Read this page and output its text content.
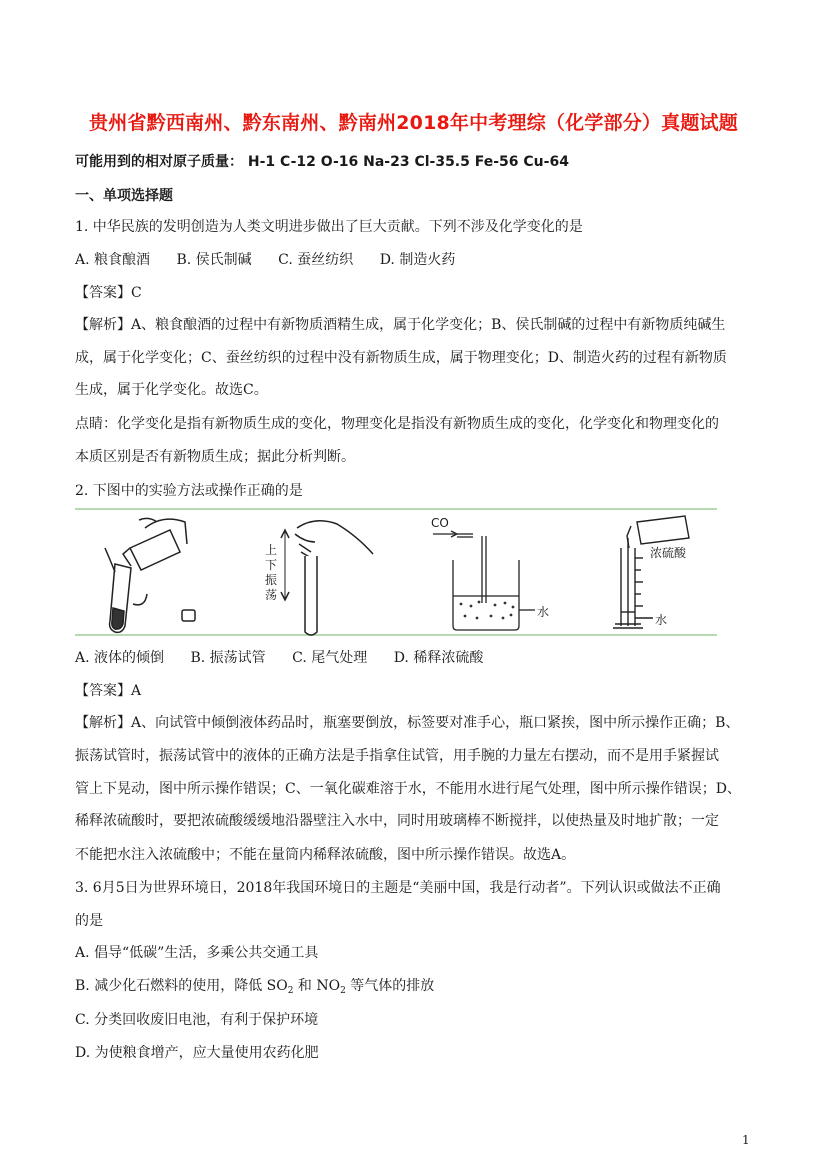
贵州省黔西南州、黔东南州、黔南州2018年中考理综（化学部分）真题试题
可能用到的相对原子质量： H-1 C-12 O-16 Na-23 Cl-35.5 Fe-56 Cu-64
一、单项选择题
1. 中华民族的发明创造为人类文明进步做出了巨大贡献。下列不涉及化学变化的是
A. 粮食酿酒 B. 侯氏制碱 C. 蚕丝纺织 D. 制造火药
【答案】C
【解析】A、粮食酿酒的过程中有新物质酒精生成，属于化学变化；B、侯氏制碱的过程中有新物质纯碱生
成，属于化学变化；C、蚕丝纺织的过程中没有新物质生成，属于物理变化；D、制造火药的过程有新物质
生成，属于化学变化。故选C。
点睛：化学变化是指有新物质生成的变化，物理变化是指没有新物质生成的变化，化学变化和物理变化的
本质区别是否有新物质生成；据此分析判断。
2. 下图中的实验方法或操作正确的是
上
下
振
荡
CO
水
浓硫酸
水
A. 液体的倾倒 B. 振荡试管 C. 尾气处理 D. 稀释浓硫酸
【答案】A
【解析】A、向试管中倾倒液体药品时，瓶塞要倒放，标签要对准手心，瓶口紧挨，图中所示操作正确；B、
振荡试管时，振荡试管中的液体的正确方法是手指拿住试管，用手腕的力量左右摆动，而不是用手紧握试
管上下晃动，图中所示操作错误；C、一氧化碳难溶于水，不能用水进行尾气处理，图中所示操作错误；D、
稀释浓硫酸时，要把浓硫酸缓缓地沿器壁注入水中，同时用玻璃棒不断搅拌，以使热量及时地扩散；一定
不能把水注入浓硫酸中；不能在量筒内稀释浓硫酸，图中所示操作错误。故选A。
3. 6月5日为世界环境日，2018年我国环境日的主题是“美丽中国，我是行动者”。下列认识或做法不正确
的是
A. 倡导“低碳”生活，多乘公共交通工具
B. 减少化石燃料的使用，降低 $SO_2$ 和 $NO_2$ 等气体的排放
C. 分类回收废旧电池，有利于保护环境
D. 为使粮食增产，应大量使用农药化肥
1
